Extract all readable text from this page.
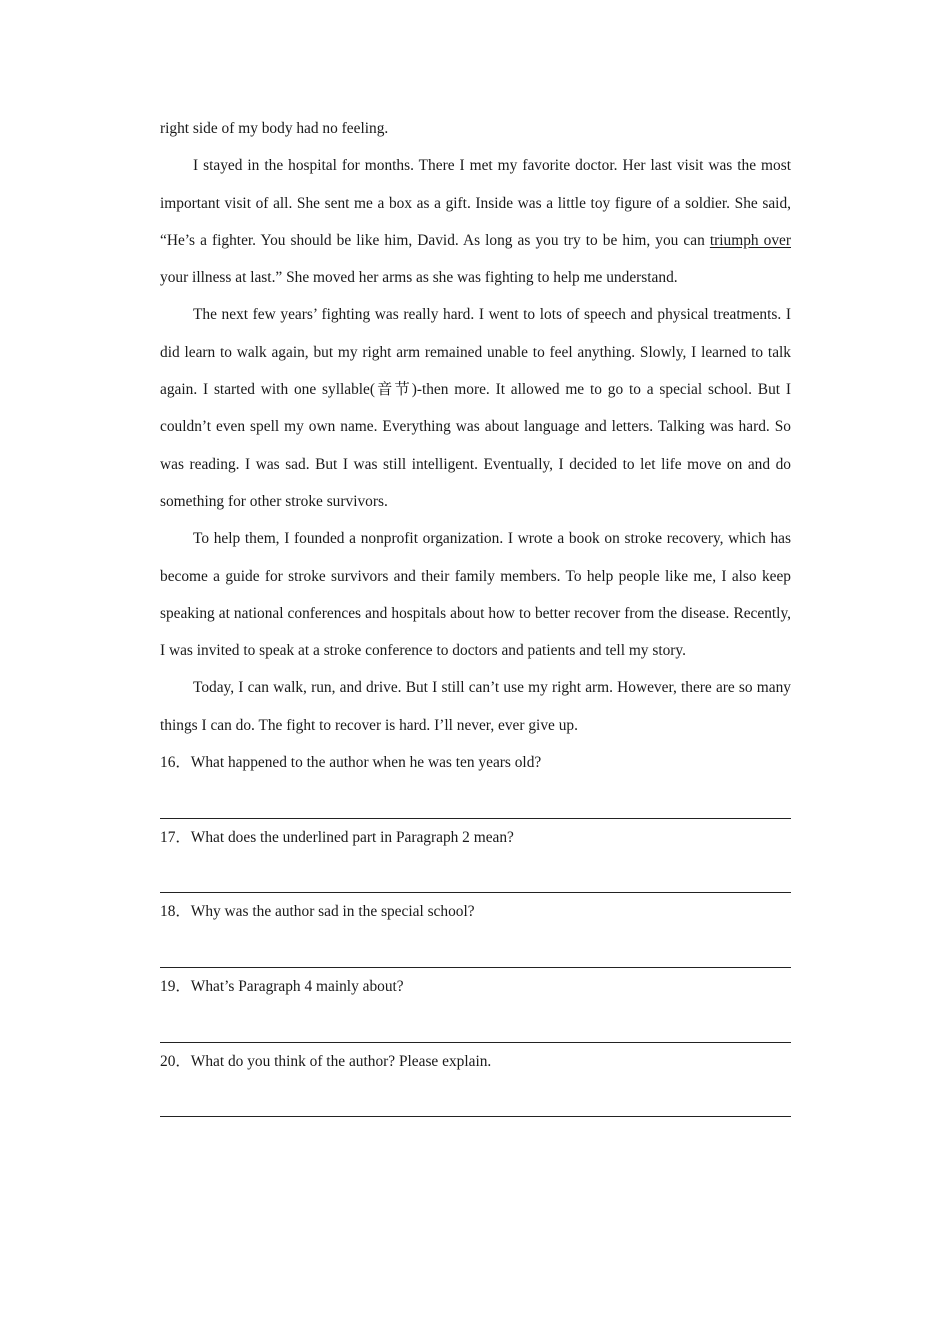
right side of my body had no feeling.

I stayed in the hospital for months. There I met my favorite doctor. Her last visit was the most important visit of all. She sent me a box as a gift. Inside was a little toy figure of a soldier. She said, “He’s a fighter. You should be like him, David. As long as you try to be him, you can triumph over your illness at last.” She moved her arms as she was fighting to help me understand.

The next few years’ fighting was really hard. I went to lots of speech and physical treatments. I did learn to walk again, but my right arm remained unable to feel anything. Slowly, I learned to talk again. I started with one syllable(音节)-then more. It allowed me to go to a special school. But I couldn’t even spell my own name. Everything was about language and letters. Talking was hard. So was reading. I was sad. But I was still intelligent. Eventually, I decided to let life move on and do something for other stroke survivors.

To help them, I founded a nonprofit organization. I wrote a book on stroke recovery, which has become a guide for stroke survivors and their family members. To help people like me, I also keep speaking at national conferences and hospitals about how to better recover from the disease. Recently, I was invited to speak at a stroke conference to doctors and patients and tell my story.

Today, I can walk, run, and drive. But I still can’t use my right arm. However, there are so many things I can do. The fight to recover is hard. I’ll never, ever give up.

16．What happened to the author when he was ten years old?

17．What does the underlined part in Paragraph 2 mean?

18．Why was the author sad in the special school?

19．What’s Paragraph 4 mainly about?

20．What do you think of the author? Please explain.
